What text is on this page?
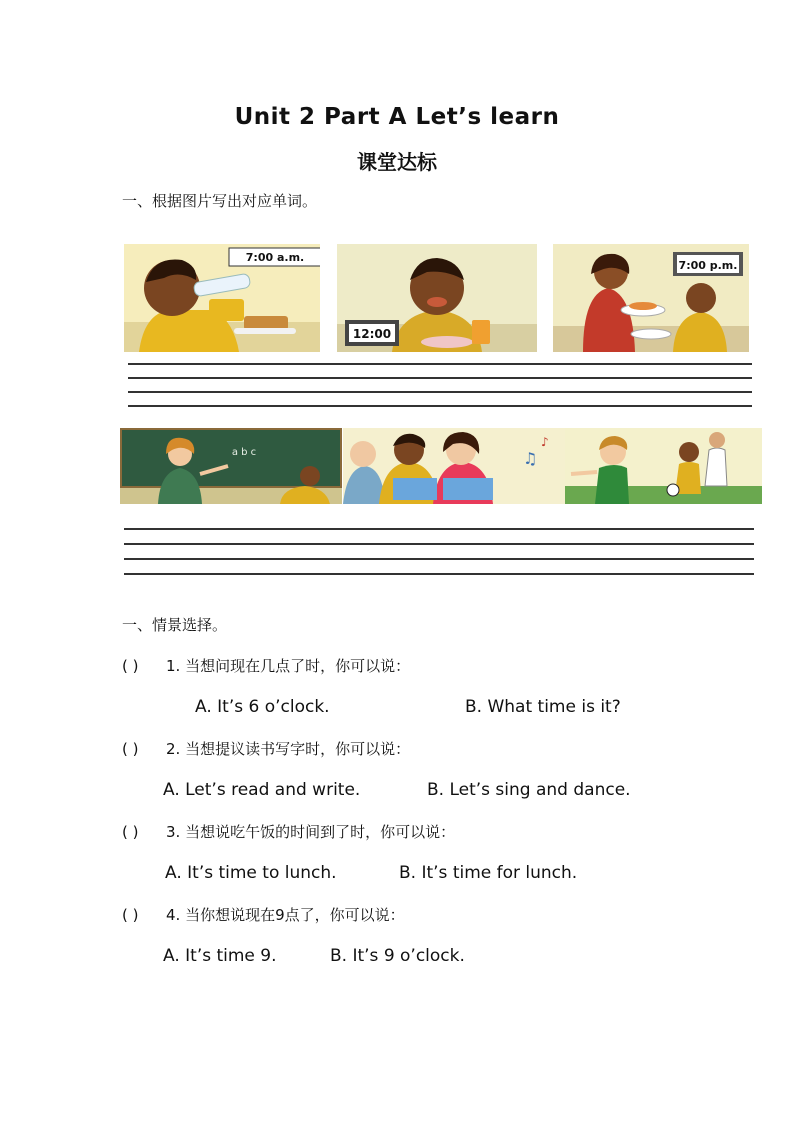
Unit 2 Part A Let’s learn
课堂达标
一、根据图片写出对应单词。
7:00 a.m.
12:00
7:00 p.m.
a b c	♫
♪
一、情景选择。
( ) 1. 当想问现在几点了时，你可以说：
A. It’s 6 o’clock.	B. What time is it?
( ) 2. 当想提议读书写字时，你可以说：
A. Let’s read and write.	B. Let’s sing and dance.
( ) 3. 当想说吃午饭的时间到了时，你可以说：
A. It’s time to lunch.	B. It’s time for lunch.
( ) 4. 当你想说现在9点了，你可以说：
A. It’s time 9.	B. It’s 9 o’clock.
